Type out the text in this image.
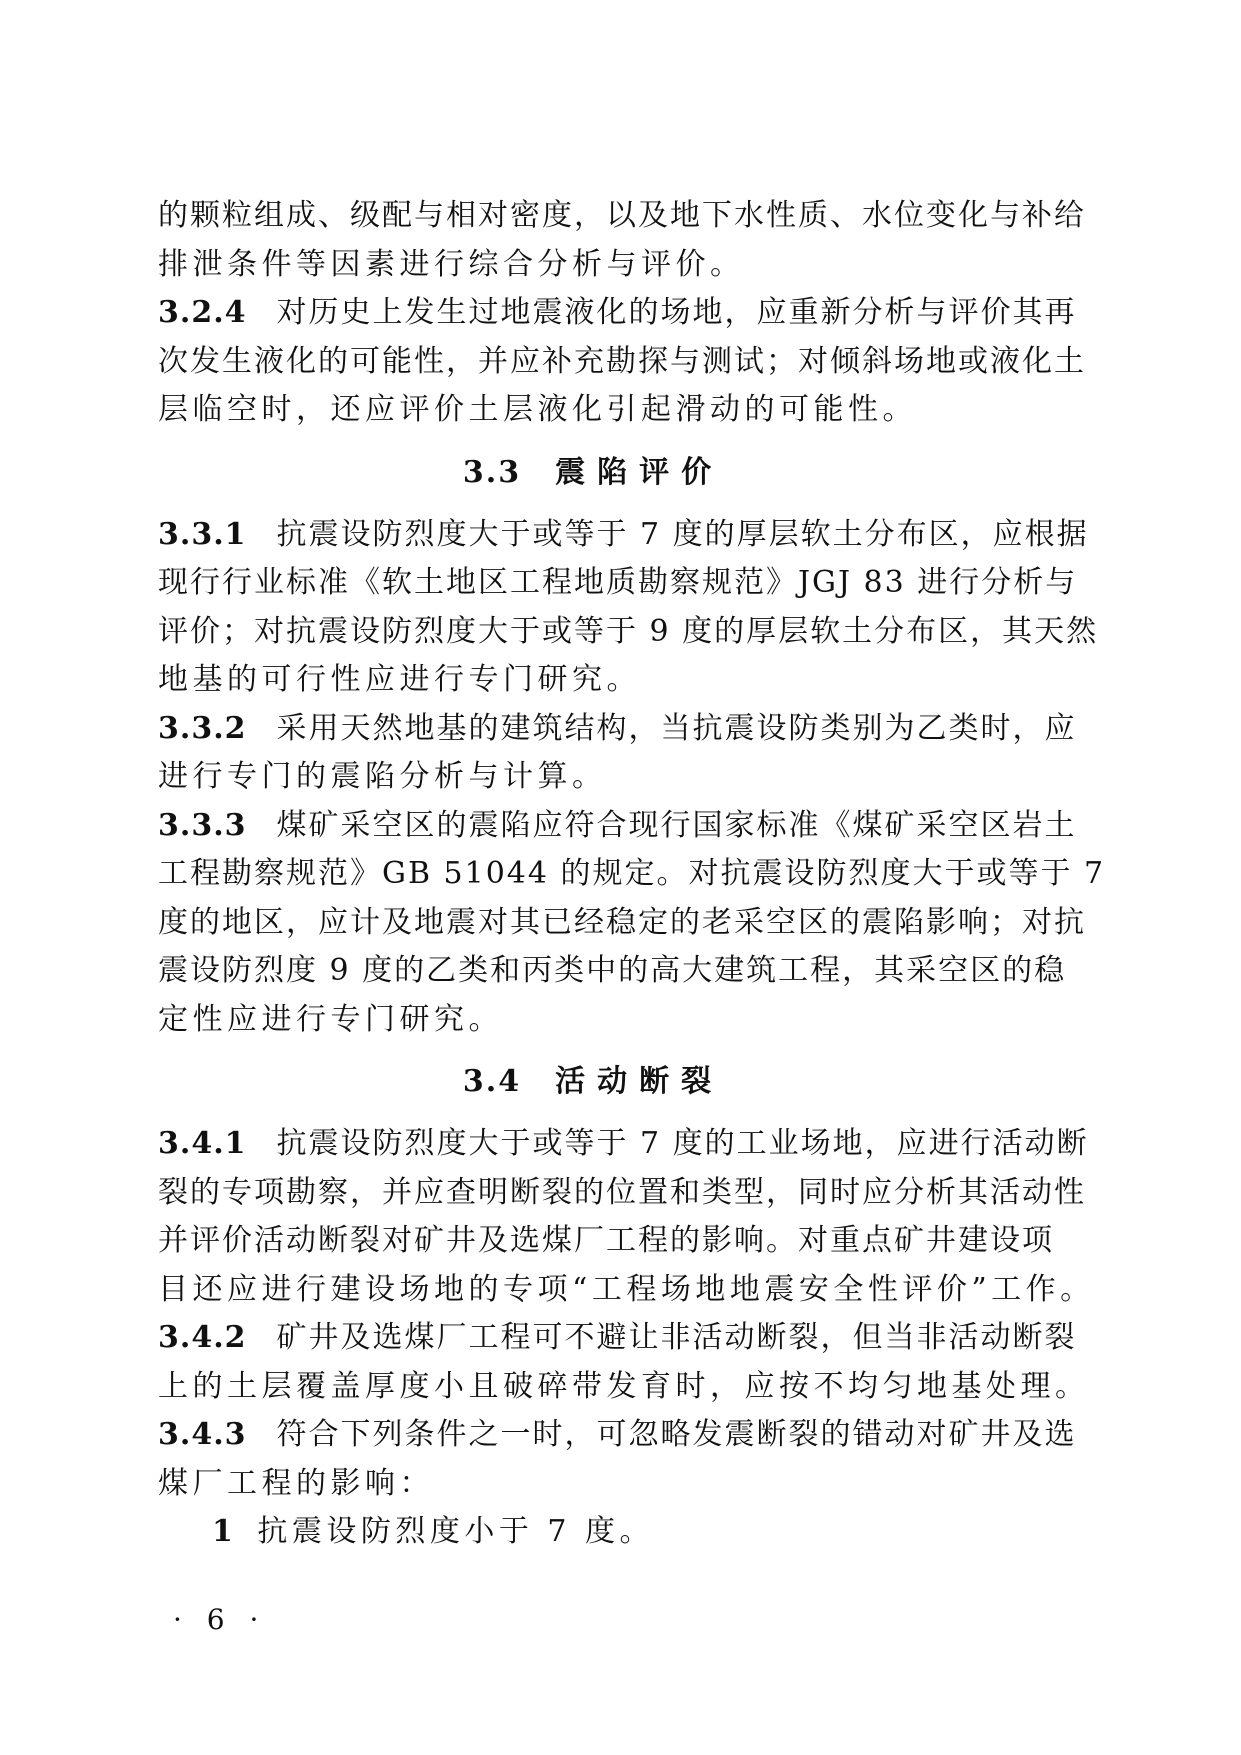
的颗粒组成、级配与相对密度，以及地下水性质、水位变化与补给
排泄条件等因素进行综合分析与评价。
3.2.4 对历史上发生过地震液化的场地，应重新分析与评价其再
次发生液化的可能性，并应补充勘探与测试；对倾斜场地或液化土
层临空时，还应评价土层液化引起滑动的可能性。
3.3 震陷评价
3.3.1 抗震设防烈度大于或等于 7 度的厚层软土分布区，应根据
现行行业标准《软土地区工程地质勘察规范》JGJ 83 进行分析与
评价；对抗震设防烈度大于或等于 9 度的厚层软土分布区，其天然
地基的可行性应进行专门研究。
3.3.2 采用天然地基的建筑结构，当抗震设防类别为乙类时，应
进行专门的震陷分析与计算。
3.3.3 煤矿采空区的震陷应符合现行国家标准《煤矿采空区岩土
工程勘察规范》GB 51044 的规定。对抗震设防烈度大于或等于 7
度的地区，应计及地震对其已经稳定的老采空区的震陷影响；对抗
震设防烈度 9 度的乙类和丙类中的高大建筑工程，其采空区的稳
定性应进行专门研究。
3.4 活动断裂
3.4.1 抗震设防烈度大于或等于 7 度的工业场地，应进行活动断
裂的专项勘察，并应查明断裂的位置和类型，同时应分析其活动性
并评价活动断裂对矿井及选煤厂工程的影响。对重点矿井建设项
目还应进行建设场地的专项“工程场地地震安全性评价”工作。
3.4.2 矿井及选煤厂工程可不避让非活动断裂，但当非活动断裂
上的土层覆盖厚度小且破碎带发育时，应按不均匀地基处理。
3.4.3 符合下列条件之一时，可忽略发震断裂的错动对矿井及选
煤厂工程的影响：
1 抗震设防烈度小于 7 度。
· 6 ·
